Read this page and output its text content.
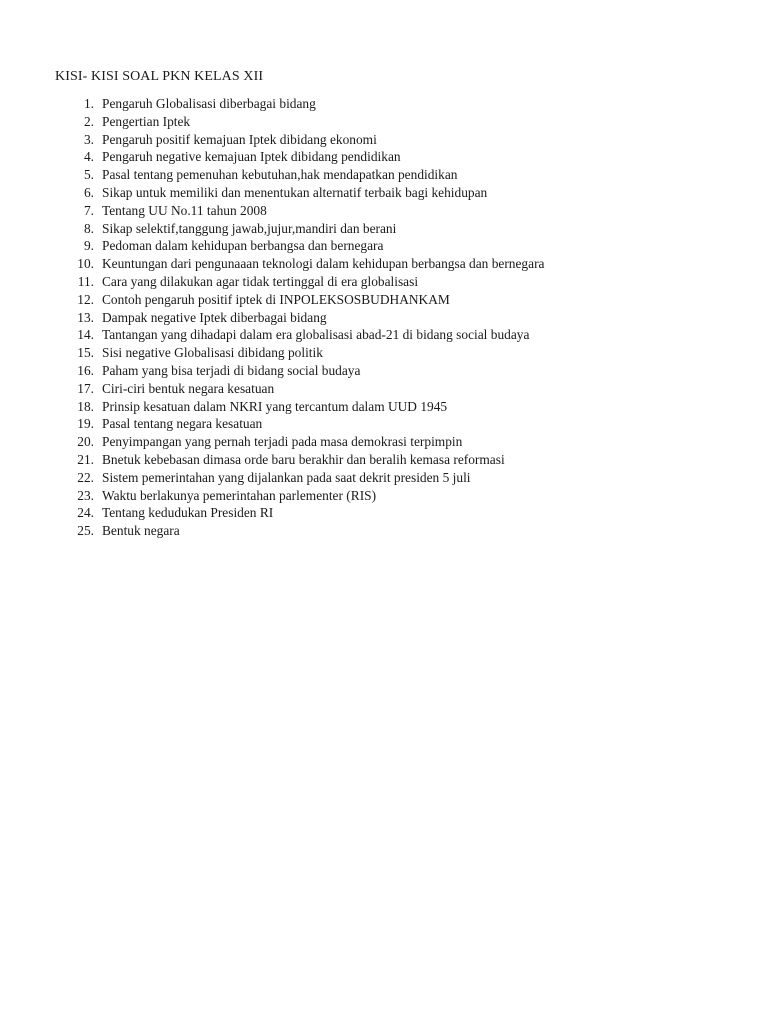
KISI- KISI SOAL PKN KELAS XII
1. Pengaruh Globalisasi diberbagai bidang
2. Pengertian Iptek
3. Pengaruh positif kemajuan Iptek dibidang ekonomi
4. Pengaruh negative kemajuan Iptek dibidang pendidikan
5. Pasal tentang pemenuhan kebutuhan,hak mendapatkan pendidikan
6. Sikap untuk memiliki dan menentukan alternatif terbaik bagi kehidupan
7. Tentang UU No.11 tahun 2008
8. Sikap selektif,tanggung jawab,jujur,mandiri dan berani
9. Pedoman dalam kehidupan berbangsa dan bernegara
10. Keuntungan dari pengunaaan teknologi dalam kehidupan berbangsa dan bernegara
11. Cara yang dilakukan agar tidak tertinggal di era globalisasi
12. Contoh pengaruh positif iptek di INPOLEKSOSBUDHANKAM
13. Dampak negative Iptek diberbagai bidang
14. Tantangan yang dihadapi dalam era globalisasi abad-21 di bidang social budaya
15. Sisi negative Globalisasi dibidang politik
16. Paham yang bisa terjadi di bidang social budaya
17. Ciri-ciri bentuk negara kesatuan
18. Prinsip kesatuan dalam NKRI yang tercantum dalam UUD 1945
19. Pasal tentang negara kesatuan
20. Penyimpangan yang pernah terjadi pada masa demokrasi terpimpin
21. Bnetuk kebebasan dimasa orde baru berakhir dan beralih kemasa reformasi
22. Sistem pemerintahan yang dijalankan pada saat dekrit presiden 5 juli
23. Waktu berlakunya pemerintahan parlementer (RIS)
24. Tentang kedudukan Presiden RI
25. Bentuk negara
